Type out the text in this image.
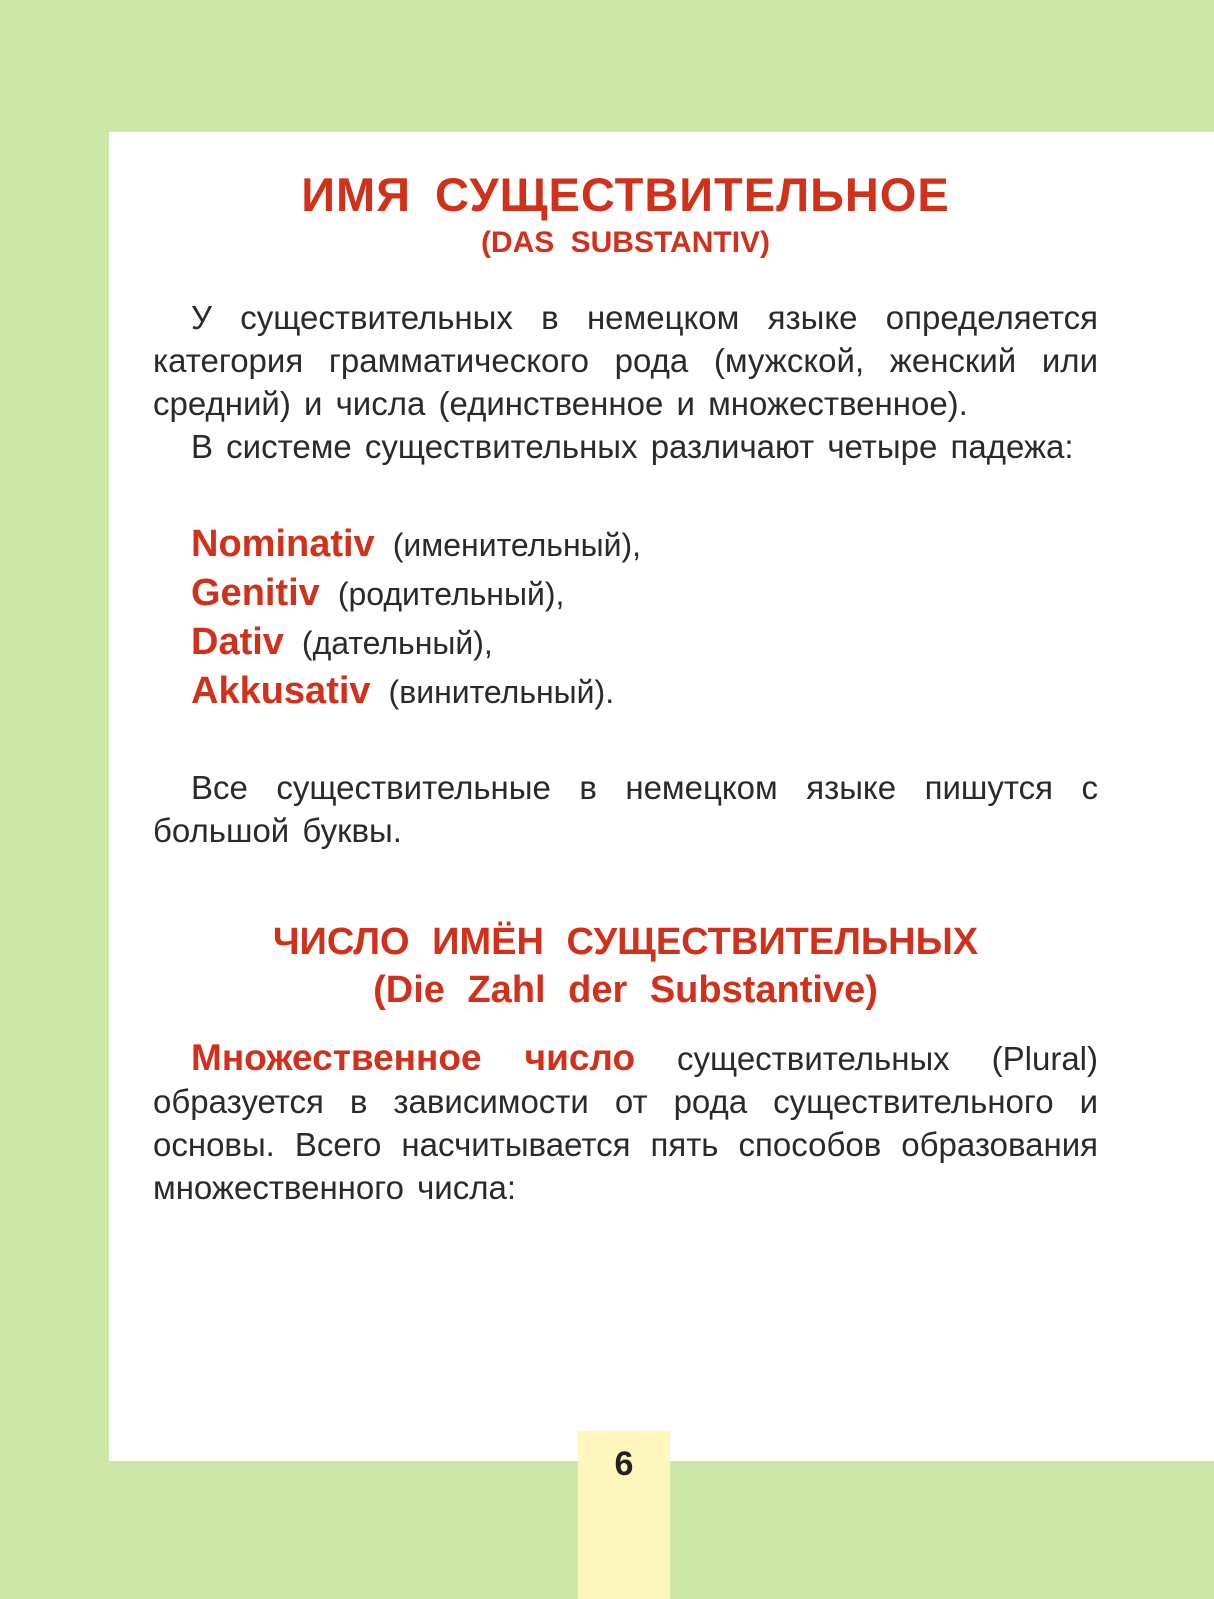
ИМЯ СУЩЕСТВИТЕЛЬНОЕ
(DAS SUBSTANTIV)

У существительных в немецком языке определяется категория грамматического рода (мужской, женский или средний) и числа (единственное и множественное).

В системе существительных различают четыре падежа:

Nominativ (именительный),
Genitiv (родительный),
Dativ (дательный),
Akkusativ (винительный).

Все существительные в немецком языке пишутся с большой буквы.

ЧИСЛО ИМЁН СУЩЕСТВИТЕЛЬНЫХ
(Die Zahl der Substantive)

Множественное число существительных (Plural) образуется в зависимости от рода существительного и основы. Всего насчитывается пять способов образования множественного числа:

6
